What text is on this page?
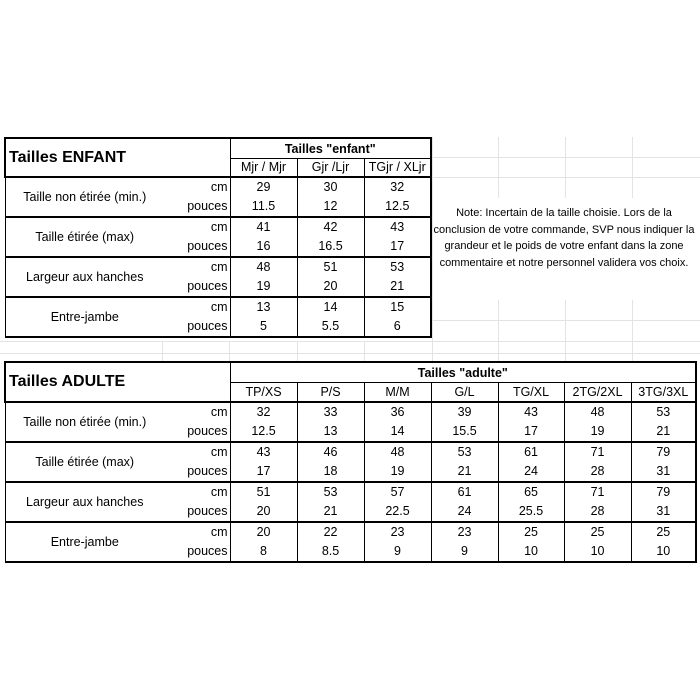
Tailles ENFANT		Tailles "enfant"		
		Mjr / Mjr	Gjr /Ljr	TGjr / XLjr
Taille non étirée (min.)	cm	29	30	32
	pouces	11.5	12	12.5
Taille étirée (max)	cm	41	42	43
	pouces	16	16.5	17
Largeur aux hanches	cm	48	51	53
	pouces	19	20	21
Entre-jambe	cm	13	14	15
	pouces	5	5.5	6
Note: Incertain de la taille choisie. Lors de la conclusion de votre commande, SVP nous indiquer la grandeur et le poids de votre enfant dans la zone commentaire et notre personnel validera vos choix.
Tailles ADULTE		Tailles "adulte"						
		TP/XS	P/S	M/M	G/L	TG/XL	2TG/2XL	3TG/3XL
Taille non étirée (min.)	cm	32	33	36	39	43	48	53
	pouces	12.5	13	14	15.5	17	19	21
Taille étirée (max)	cm	43	46	48	53	61	71	79
	pouces	17	18	19	21	24	28	31
Largeur aux hanches	cm	51	53	57	61	65	71	79
	pouces	20	21	22.5	24	25.5	28	31
Entre-jambe	cm	20	22	23	23	25	25	25
	pouces	8	8.5	9	9	10	10	10
